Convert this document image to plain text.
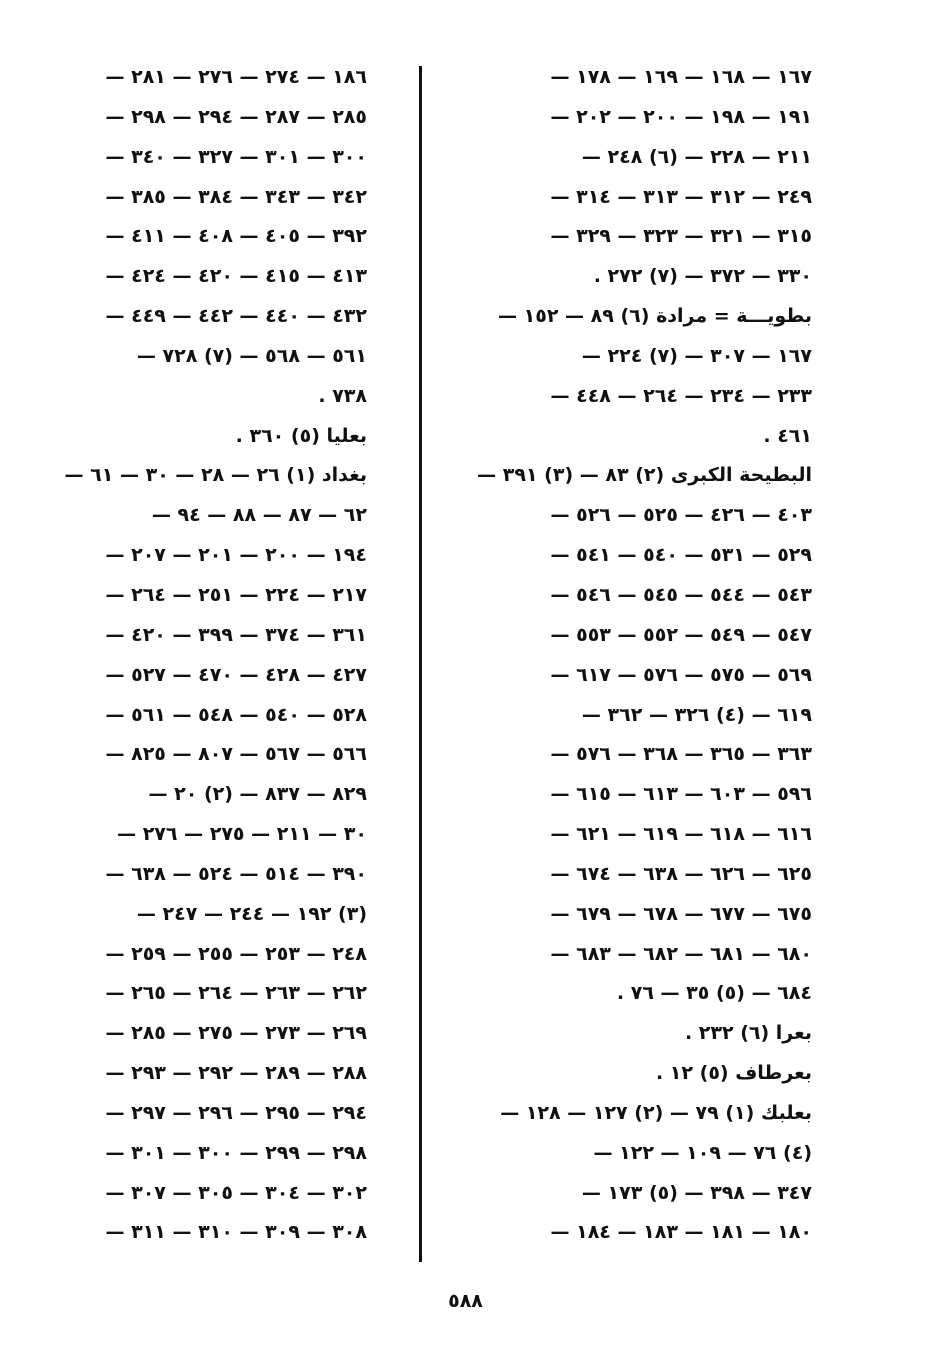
١٦٧ — ١٦٨ — ١٦٩ — ١٧٨ —
١٩١ — ١٩٨ — ٢٠٠ — ٢٠٢ —
٢١١ — ٢٢٨ — (٦) ٢٤٨ —
٢٤٩ — ٣١٢ — ٣١٣ — ٣١٤ —
٣١٥ — ٣٢١ — ٣٢٣ — ٣٢٩ —
٣٣٠ — ٣٧٢ — (٧) ٢٧٢ .
بطويـــة = مرادة (٦) ٨٩ — ١٥٢ —
١٦٧ — ٣٠٧ — (٧) ٢٢٤ —
٢٣٣ — ٢٣٤ — ٢٦٤ — ٤٤٨ —
٤٦١ .
البطيحة الكبرى (٢) ٨٣ — (٣) ٣٩١ —
٤٠٣ — ٤٢٦ — ٥٢٥ — ٥٢٦ —
٥٢٩ — ٥٣١ — ٥٤٠ — ٥٤١ —
٥٤٣ — ٥٤٤ — ٥٤٥ — ٥٤٦ —
٥٤٧ — ٥٤٩ — ٥٥٢ — ٥٥٣ —
٥٦٩ — ٥٧٥ — ٥٧٦ — ٦١٧ —
٦١٩ — (٤) ٣٢٦ — ٣٦٢ —
٣٦٣ — ٣٦٥ — ٣٦٨ — ٥٧٦ —
٥٩٦ — ٦٠٣ — ٦١٣ — ٦١٥ —
٦١٦ — ٦١٨ — ٦١٩ — ٦٢١ —
٦٢٥ — ٦٢٦ — ٦٣٨ — ٦٧٤ —
٦٧٥ — ٦٧٧ — ٦٧٨ — ٦٧٩ —
٦٨٠ — ٦٨١ — ٦٨٢ — ٦٨٣ —
٦٨٤ — (٥) ٣٥ — ٧٦ .
بعرا (٦) ٢٣٢ .
بعرطاف (٥) ١٢ .
بعلبك (١) ٧٩ — (٢) ١٢٧ — ١٢٨ —
(٤) ٧٦ — ١٠٩ — ١٢٢ —
٣٤٧ — ٣٩٨ — (٥) ١٧٣ —
١٨٠ — ١٨١ — ١٨٣ — ١٨٤ —
١٨٦ — ٢٧٤ — ٢٧٦ — ٢٨١ —
٢٨٥ — ٢٨٧ — ٢٩٤ — ٢٩٨ —
٣٠٠ — ٣٠١ — ٣٢٧ — ٣٤٠ —
٣٤٢ — ٣٤٣ — ٣٨٤ — ٣٨٥ —
٣٩٢ — ٤٠٥ — ٤٠٨ — ٤١١ —
٤١٣ — ٤١٥ — ٤٢٠ — ٤٢٤ —
٤٣٢ — ٤٤٠ — ٤٤٢ — ٤٤٩ —
٥٦١ — ٥٦٨ — (٧) ٧٢٨ —
٧٣٨ .
بعليا (٥) ٣٦٠ .
بغداد (١) ٢٦ — ٢٨ — ٣٠ — ٦١ —
٦٢ — ٨٧ — ٨٨ — ٩٤ —
١٩٤ — ٢٠٠ — ٢٠١ — ٢٠٧ —
٢١٧ — ٢٢٤ — ٢٥١ — ٢٦٤ —
٣٦١ — ٣٧٤ — ٣٩٩ — ٤٢٠ —
٤٢٧ — ٤٢٨ — ٤٧٠ — ٥٢٧ —
٥٢٨ — ٥٤٠ — ٥٤٨ — ٥٦١ —
٥٦٦ — ٥٦٧ — ٨٠٧ — ٨٢٥ —
٨٢٩ — ٨٣٧ — (٢) ٢٠ —
٣٠ — ٢١١ — ٢٧٥ — ٢٧٦ —
٣٩٠ — ٥١٤ — ٥٢٤ — ٦٣٨ —
(٣) ١٩٢ — ٢٤٤ — ٢٤٧ —
٢٤٨ — ٢٥٣ — ٢٥٥ — ٢٥٩ —
٢٦٢ — ٢٦٣ — ٢٦٤ — ٢٦٥ —
٢٦٩ — ٢٧٣ — ٢٧٥ — ٢٨٥ —
٢٨٨ — ٢٨٩ — ٢٩٢ — ٢٩٣ —
٢٩٤ — ٢٩٥ — ٢٩٦ — ٢٩٧ —
٢٩٨ — ٢٩٩ — ٣٠٠ — ٣٠١ —
٣٠٢ — ٣٠٤ — ٣٠٥ — ٣٠٧ —
٣٠٨ — ٣٠٩ — ٣١٠ — ٣١١ —
٥٨٨
